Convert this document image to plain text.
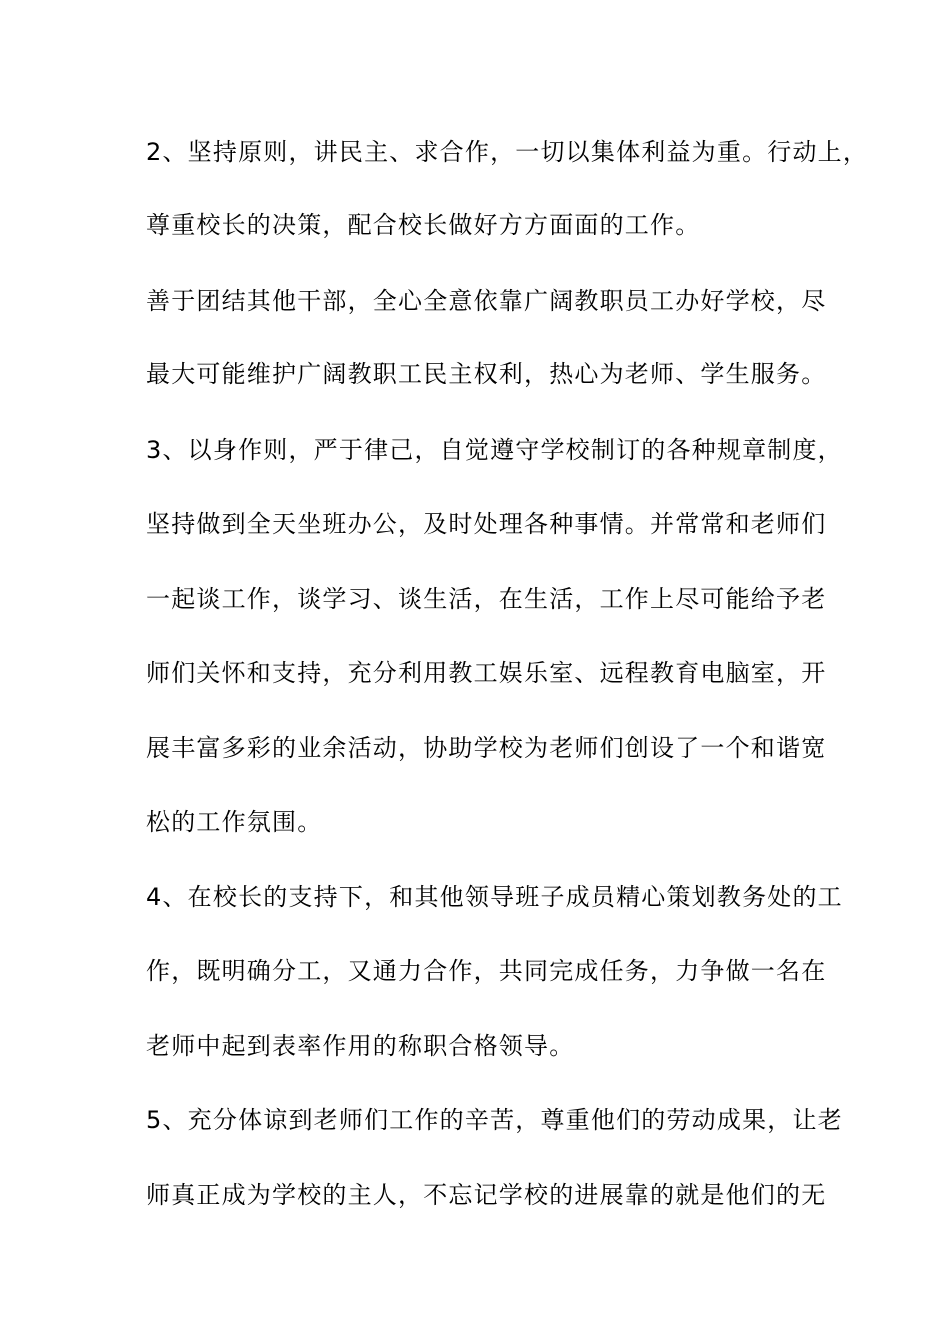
2、坚持原则，讲民主、求合作，一切以集体利益为重。行动上，
尊重校长的决策，配合校长做好方方面面的工作。
善于团结其他干部，全心全意依靠广阔教职员工办好学校，尽
最大可能维护广阔教职工民主权利，热心为老师、学生服务。
3、以身作则，严于律己，自觉遵守学校制订的各种规章制度，
坚持做到全天坐班办公，及时处理各种事情。并常常和老师们
一起谈工作，谈学习、谈生活，在生活，工作上尽可能给予老
师们关怀和支持，充分利用教工娱乐室、远程教育电脑室，开
展丰富多彩的业余活动，协助学校为老师们创设了一个和谐宽
松的工作氛围。
4、在校长的支持下，和其他领导班子成员精心策划教务处的工
作，既明确分工，又通力合作，共同完成任务，力争做一名在
老师中起到表率作用的称职合格领导。
5、充分体谅到老师们工作的辛苦，尊重他们的劳动成果，让老
师真正成为学校的主人，不忘记学校的进展靠的就是他们的无
